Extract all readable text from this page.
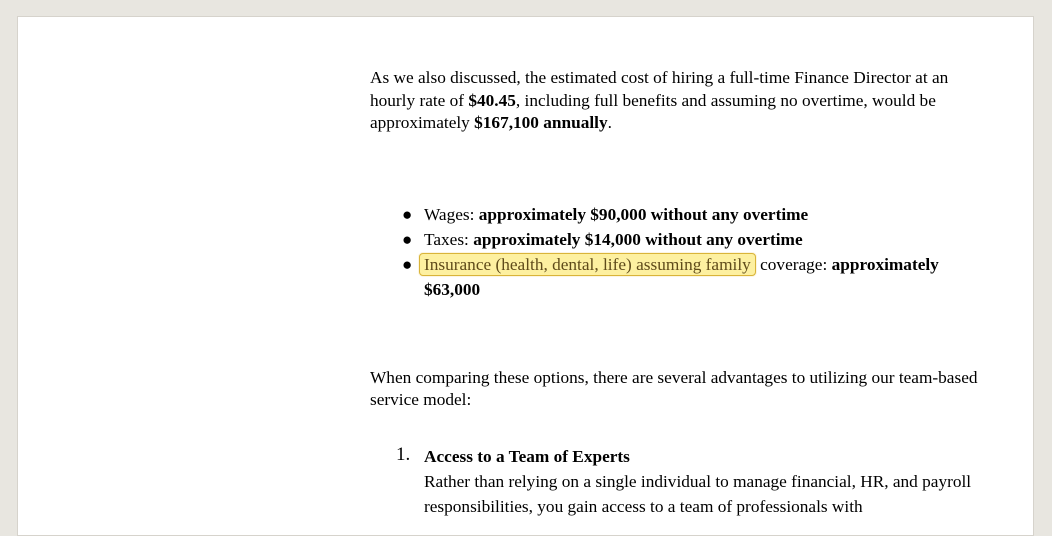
As we also discussed, the estimated cost of hiring a full-time Finance Director at an hourly rate of $40.45, including full benefits and assuming no overtime, would be approximately $167,100 annually.

● Wages: approximately $90,000 without any overtime
● Taxes: approximately $14,000 without any overtime
● Insurance (health, dental, life) assuming family coverage: approximately $63,000

When comparing these options, there are several advantages to utilizing our team-based service model:

1. Access to a Team of Experts
Rather than relying on a single individual to manage financial, HR, and payroll responsibilities, you gain access to a team of professionals with
